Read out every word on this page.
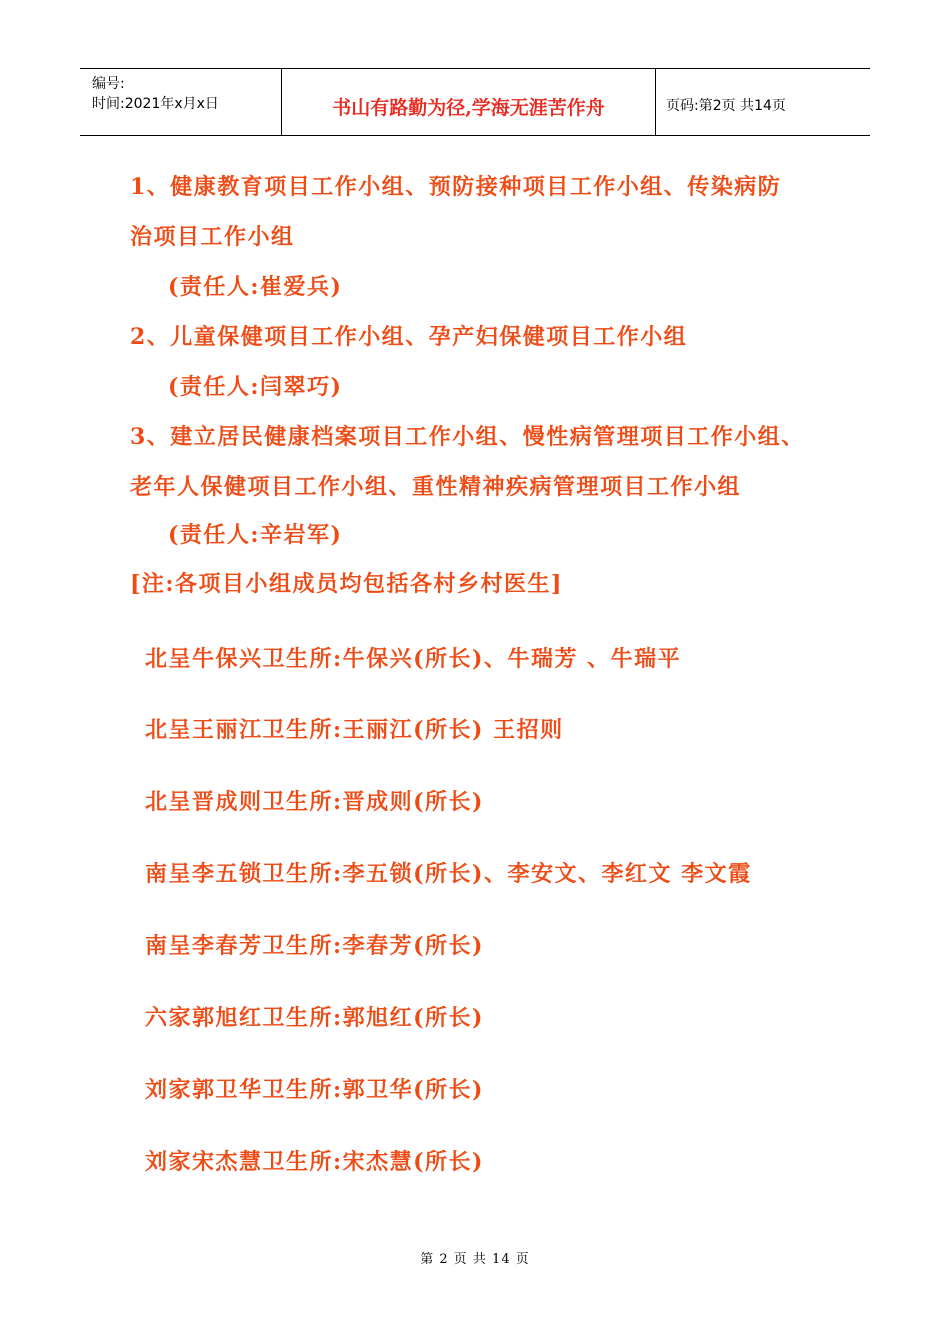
编号:
时间:2021年x月x日	书山有路勤为径,学海无涯苦作舟	页码:第2页 共14页
1、健康教育项目工作小组、预防接种项目工作小组、传染病防
治项目工作小组
(责任人:崔爱兵)
2、儿童保健项目工作小组、孕产妇保健项目工作小组
(责任人:闫翠巧)
3、建立居民健康档案项目工作小组、慢性病管理项目工作小组、
老年人保健项目工作小组、重性精神疾病管理项目工作小组
(责任人:辛岩军)
[注:各项目小组成员均包括各村乡村医生]
北呈牛保兴卫生所:牛保兴(所长)、牛瑞芳 、牛瑞平
北呈王丽江卫生所:王丽江(所长) 王招则
北呈晋成则卫生所:晋成则(所长)
南呈李五锁卫生所:李五锁(所长)、李安文、李红文 李文霞
南呈李春芳卫生所:李春芳(所长)
六家郭旭红卫生所:郭旭红(所长)
刘家郭卫华卫生所:郭卫华(所长)
刘家宋杰慧卫生所:宋杰慧(所长)
第 2 页 共 14 页
